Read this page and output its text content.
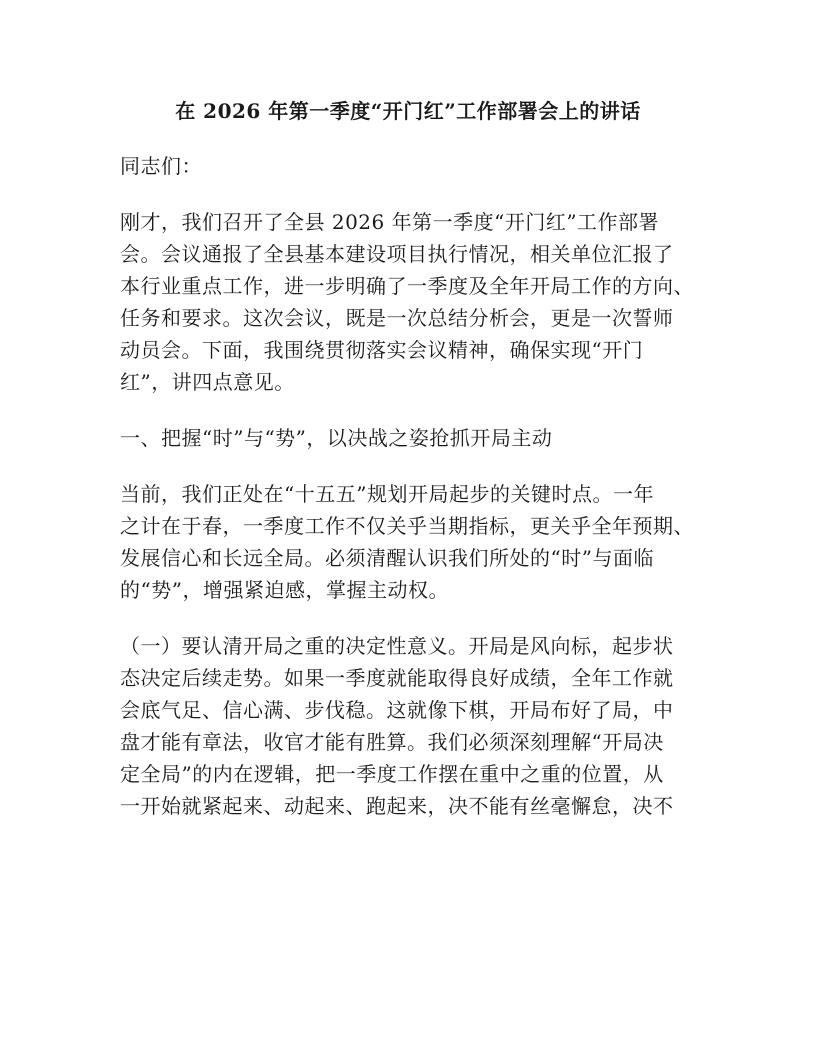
在 2026 年第一季度“开门红”工作部署会上的讲话

同志们：

刚才，我们召开了全县 2026 年第一季度“开门红”工作部署
会。会议通报了全县基本建设项目执行情况，相关单位汇报了
本行业重点工作，进一步明确了一季度及全年开局工作的方向、
任务和要求。这次会议，既是一次总结分析会，更是一次誓师
动员会。下面，我围绕贯彻落实会议精神，确保实现“开门
红”，讲四点意见。

一、把握“时”与“势”，以决战之姿抢抓开局主动

当前，我们正处在“十五五”规划开局起步的关键时点。一年
之计在于春，一季度工作不仅关乎当期指标，更关乎全年预期、
发展信心和长远全局。必须清醒认识我们所处的“时”与面临
的“势”，增强紧迫感，掌握主动权。

（一）要认清开局之重的决定性意义。开局是风向标，起步状
态决定后续走势。如果一季度就能取得良好成绩，全年工作就
会底气足、信心满、步伐稳。这就像下棋，开局布好了局，中
盘才能有章法，收官才能有胜算。我们必须深刻理解“开局决
定全局”的内在逻辑，把一季度工作摆在重中之重的位置，从
一开始就紧起来、动起来、跑起来，决不能有丝毫懈怠，决不
